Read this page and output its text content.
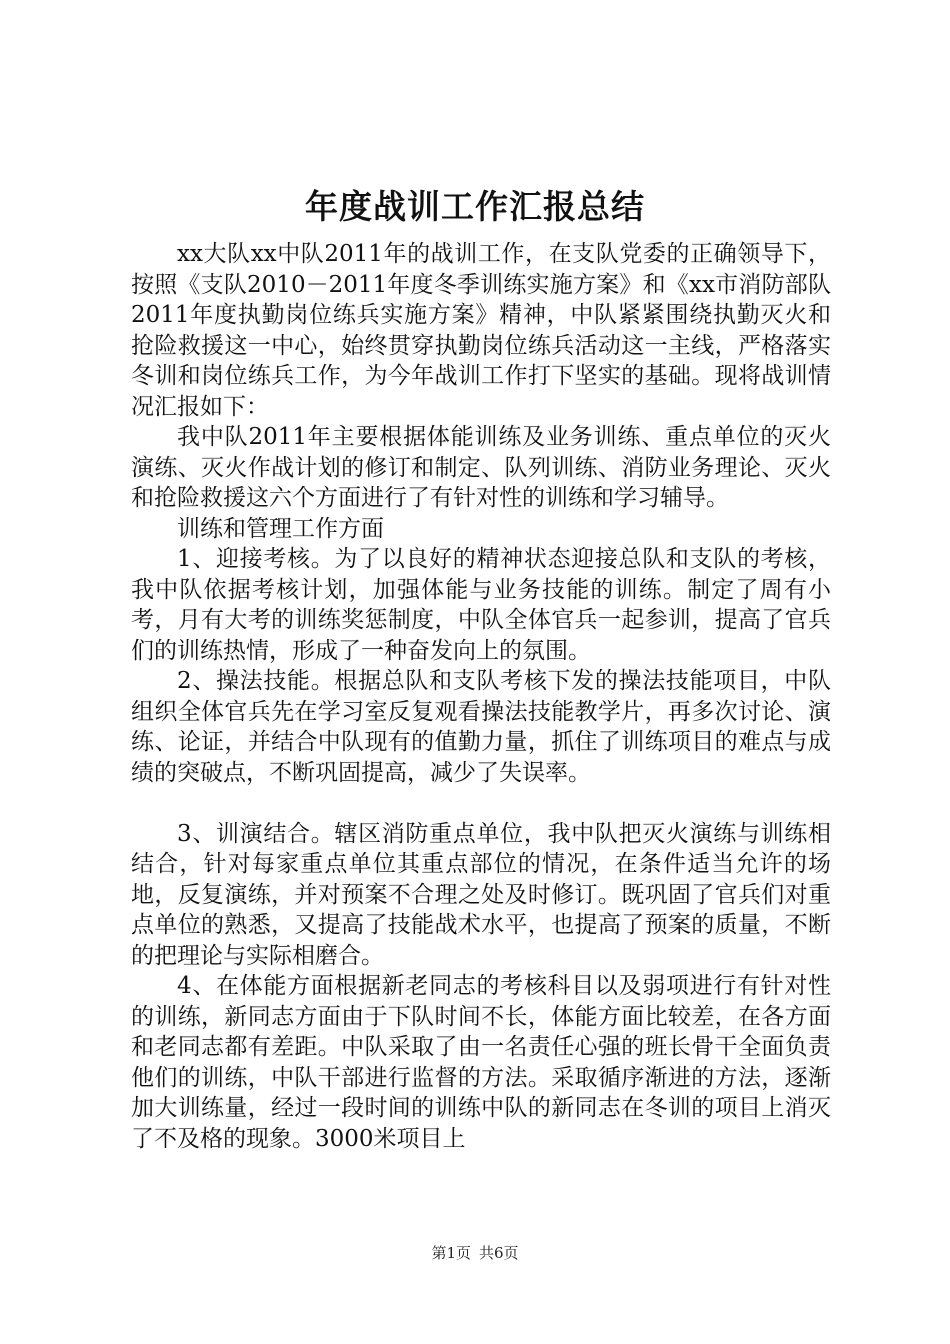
年度战训工作汇报总结

xx大队xx中队2011年的战训工作，在支队党委的正确领导下，按照《支队2010－2011年度冬季训练实施方案》和《xx市消防部队2011年度执勤岗位练兵实施方案》精神，中队紧紧围绕执勤灭火和抢险救援这一中心，始终贯穿执勤岗位练兵活动这一主线，严格落实冬训和岗位练兵工作，为今年战训工作打下坚实的基础。现将战训情况汇报如下：

我中队2011年主要根据体能训练及业务训练、重点单位的灭火演练、灭火作战计划的修订和制定、队列训练、消防业务理论、灭火和抢险救援这六个方面进行了有针对性的训练和学习辅导。

训练和管理工作方面

1、迎接考核。为了以良好的精神状态迎接总队和支队的考核，我中队依据考核计划，加强体能与业务技能的训练。制定了周有小考，月有大考的训练奖惩制度，中队全体官兵一起参训，提高了官兵们的训练热情，形成了一种奋发向上的氛围。

2、操法技能。根据总队和支队考核下发的操法技能项目，中队组织全体官兵先在学习室反复观看操法技能教学片，再多次讨论、演练、论证，并结合中队现有的值勤力量，抓住了训练项目的难点与成绩的突破点，不断巩固提高，减少了失误率。

3、训演结合。辖区消防重点单位，我中队把灭火演练与训练相结合，针对每家重点单位其重点部位的情况，在条件适当允许的场地，反复演练，并对预案不合理之处及时修订。既巩固了官兵们对重点单位的熟悉，又提高了技能战术水平，也提高了预案的质量，不断的把理论与实际相磨合。

4、在体能方面根据新老同志的考核科目以及弱项进行有针对性的训练，新同志方面由于下队时间不长，体能方面比较差，在各方面和老同志都有差距。中队采取了由一名责任心强的班长骨干全面负责他们的训练，中队干部进行监督的方法。采取循序渐进的方法，逐渐加大训练量，经过一段时间的训练中队的新同志在冬训的项目上消灭了不及格的现象。3000米项目上

第1页 共6页
